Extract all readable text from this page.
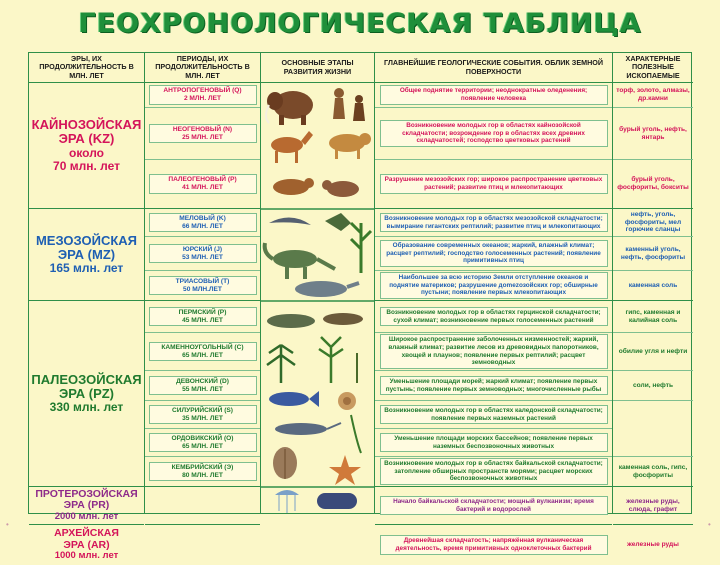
ГЕОХРОНОЛОГИЧЕСКАЯ ТАБЛИЦА
ЭРЫ, ИХ ПРОДОЛЖИТЕЛЬНОСТЬ В МЛН. ЛЕТ
КАЙНОЗОЙСКАЯ
ЭРА (KZ)
около
70 млн. лет
МЕЗОЗОЙСКАЯ
ЭРА (MZ)
165 млн. лет
ПАЛЕОЗОЙСКАЯ
ЭРА (PZ)
330 млн. лет
ПРОТЕРОЗОЙСКАЯ
ЭРА (PR)
2000 млн. лет
АРХЕЙСКАЯ
ЭРА (AR)
1000 млн. лет
ПЕРИОДЫ, ИХ ПРОДОЛЖИТЕЛЬНОСТЬ В МЛН. ЛЕТ
АНТРОПОГЕНОВЫЙ (Q)
2 МЛН. ЛЕТ
НЕОГЕНОВЫЙ (N)
25 МЛН. ЛЕТ
ПАЛЕОГЕНОВЫЙ (P)
41 МЛН. ЛЕТ
МЕЛОВЫЙ (K)
66 МЛН. ЛЕТ
ЮРСКИЙ (J)
53 МЛН. ЛЕТ
ТРИАСОВЫЙ (T)
50 МЛН.ЛЕТ
ПЕРМСКИЙ (P)
45 МЛН. ЛЕТ
КАМЕННОУГОЛЬНЫЙ (C)
65 МЛН. ЛЕТ
ДЕВОНСКИЙ (D)
55 МЛН. ЛЕТ
СИЛУРИЙСКИЙ (S)
35 МЛН. ЛЕТ
ОРДОВИКСКИЙ (O)
65 МЛН. ЛЕТ
КЕМБРИЙСКИЙ (Э)
80 МЛН. ЛЕТ
ОСНОВНЫЕ ЭТАПЫ РАЗВИТИЯ ЖИЗНИ
ГЛАВНЕЙШИЕ ГЕОЛОГИЧЕСКИЕ СОБЫТИЯ. ОБЛИК ЗЕМНОЙ ПОВЕРХНОСТИ
Общее поднятие территории; неоднократные оледенения; появление человека
Возникновение молодых гор в областях кайнозойской складчатости; возрождение гор в областях всех древних складчатостей; господство цветковых растений
Разрушение мезозойских гор; широкое распространение цветковых растений; развитие птиц и млекопитающих
Возникновение молодых гор в областях мезозойской складчатости; вымирание гигантских рептилий; развитие птиц и млекопитающих
Образование современных океанов; жаркий, влажный климат; расцвет рептилий; господство голосеменных растений; появление примитивных птиц
Наибольшее за всю историю Земли отступление океанов и поднятие материков; разрушение доmezозойских гор; обширные пустыни; появление первых млекопитающих
Возникновение молодых гор в областях герцинской складчатости; сухой климат; возникновение первых голосеменных растений
Широкое распространение заболоченных низменностей; жаркий, влажный климат; развитие лесов из древовидных папоротников, хвощей и плаунов; появление первых рептилий; расцвет земноводных
Уменьшение площади морей; жаркий климат; появление первых пустынь; появление первых земноводных; многочисленные рыбы
Возникновение молодых гор в областях каледонской складчатости; появление первых наземных растений
Уменьшение площади морских бассейнов; появление первых наземных беспозвоночных животных
Возникновение молодых гор в областях байкальской складчатости; затопление обширных пространств морями; расцвет морских беспозвоночных животных
Начало байкальской складчатости; мощный вулканизм; время бактерий и водорослей
Древнейшая складчатость; напряжённая вулканическая деятельность, время примитивных одноклеточных бактерий
ХАРАКТЕРНЫЕ ПОЛЕЗНЫЕ ИСКОПАЕМЫЕ
торф, золото, алмазы, др.камни
бурый уголь, нефть, янтарь
бурый уголь, фосфориты, бокситы
нефть, уголь, фосфориты, мел горючие сланцы
каменный уголь, нефть, фосфориты
каменная соль
гипс, каменная и калийная соль
обилие угля и нефти
соли, нефть
каменная соль, гипс, фосфориты
железные руды, слюда, графит
железные руды
•	•
